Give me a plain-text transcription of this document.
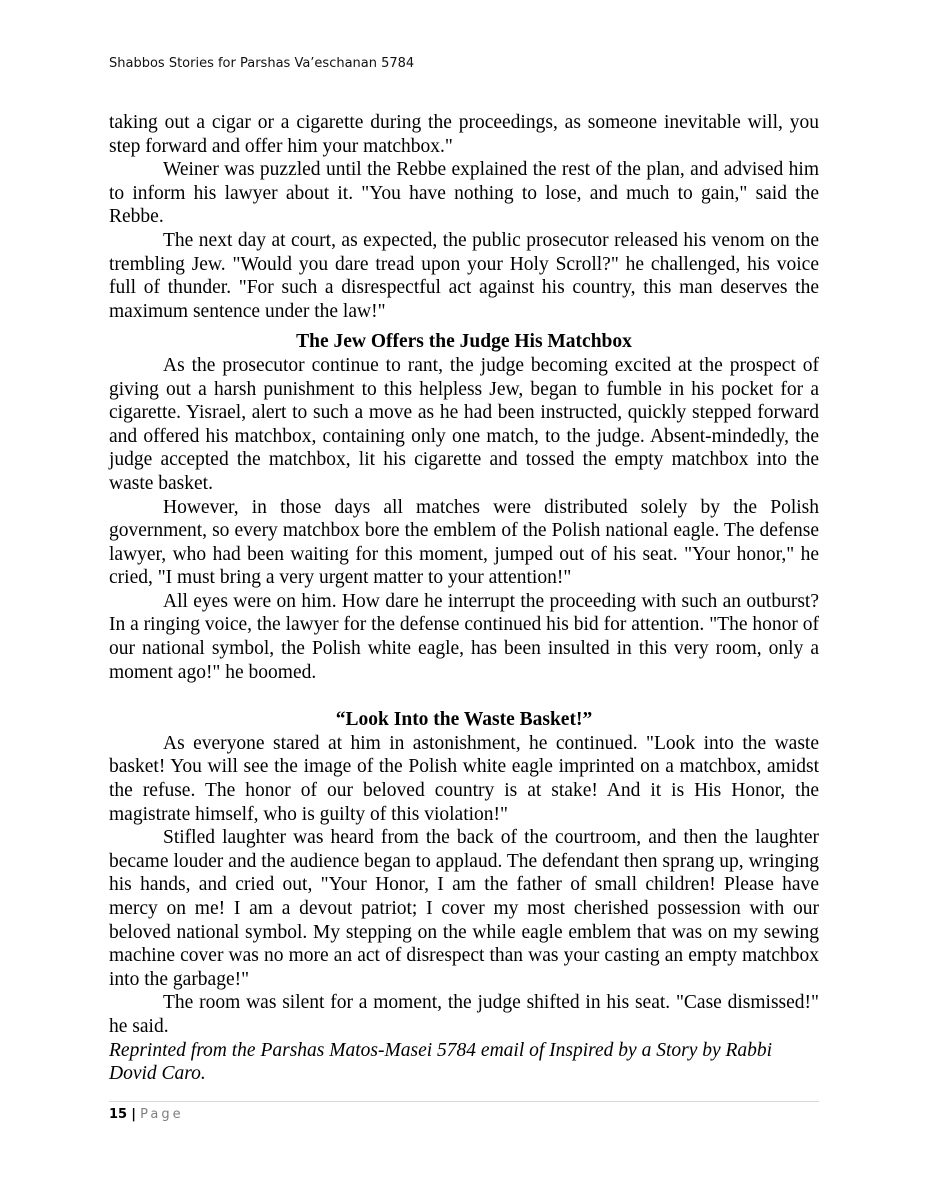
Shabbos Stories for Parshas Va’eschanan 5784

taking out a cigar or a cigarette during the proceedings, as someone inevitable will, you step forward and offer him your matchbox."

Weiner was puzzled until the Rebbe explained the rest of the plan, and advised him to inform his lawyer about it. "You have nothing to lose, and much to gain," said the Rebbe.

The next day at court, as expected, the public prosecutor released his venom on the trembling Jew. "Would you dare tread upon your Holy Scroll?" he challenged, his voice full of thunder. "For such a disrespectful act against his country, this man deserves the maximum sentence under the law!"

The Jew Offers the Judge His Matchbox

As the prosecutor continue to rant, the judge becoming excited at the prospect of giving out a harsh punishment to this helpless Jew, began to fumble in his pocket for a cigarette. Yisrael, alert to such a move as he had been instructed, quickly stepped forward and offered his matchbox, containing only one match, to the judge. Absent-mindedly, the judge accepted the matchbox, lit his cigarette and tossed the empty matchbox into the waste basket.

However, in those days all matches were distributed solely by the Polish government, so every matchbox bore the emblem of the Polish national eagle. The defense lawyer, who had been waiting for this moment, jumped out of his seat. "Your honor," he cried, "I must bring a very urgent matter to your attention!"

All eyes were on him. How dare he interrupt the proceeding with such an outburst? In a ringing voice, the lawyer for the defense continued his bid for attention. "The honor of our national symbol, the Polish white eagle, has been insulted in this very room, only a moment ago!" he boomed.

“Look Into the Waste Basket!”

As everyone stared at him in astonishment, he continued. "Look into the waste basket! You will see the image of the Polish white eagle imprinted on a matchbox, amidst the refuse. The honor of our beloved country is at stake! And it is His Honor, the magistrate himself, who is guilty of this violation!"

Stifled laughter was heard from the back of the courtroom, and then the laughter became louder and the audience began to applaud. The defendant then sprang up, wringing his hands, and cried out, "Your Honor, I am the father of small children! Please have mercy on me! I am a devout patriot; I cover my most cherished possession with our beloved national symbol. My stepping on the while eagle emblem that was on my sewing machine cover was no more an act of disrespect than was your casting an empty matchbox into the garbage!"

The room was silent for a moment, the judge shifted in his seat. "Case dismissed!" he said.

Reprinted from the Parshas Matos-Masei 5784 email of Inspired by a Story by Rabbi Dovid Caro.

15 | Page
